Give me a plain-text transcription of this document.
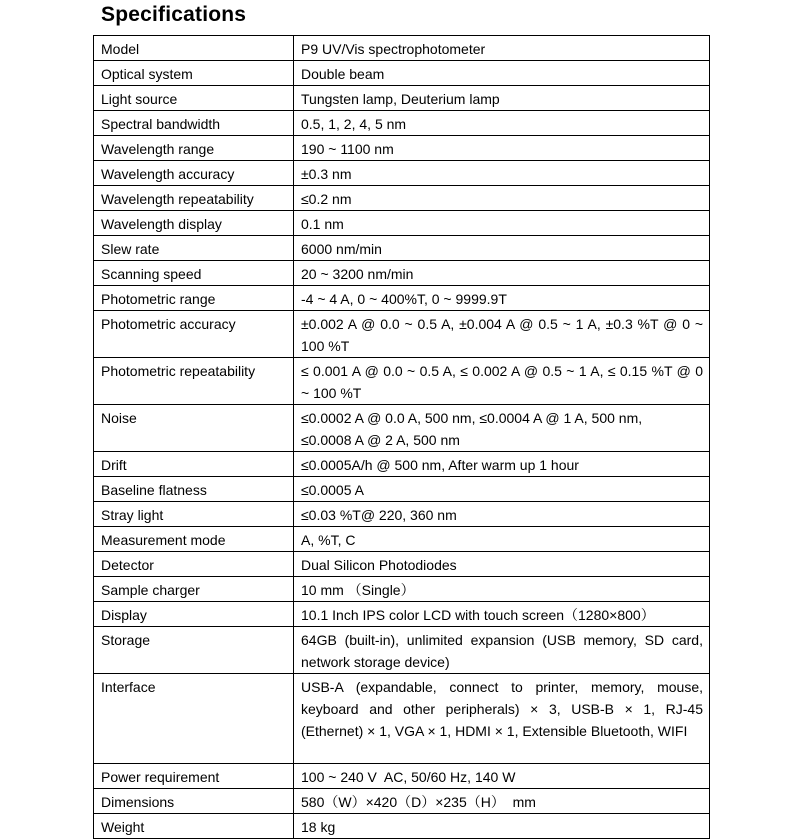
Specifications
Model	P9 UV/Vis spectrophotometer
Optical system	Double beam
Light source	Tungsten lamp, Deuterium lamp
Spectral bandwidth	0.5, 1, 2, 4, 5 nm
Wavelength range	190 ~ 1100 nm
Wavelength accuracy	±0.3 nm
Wavelength repeatability	≤0.2 nm
Wavelength display	0.1 nm
Slew rate	6000 nm/min
Scanning speed	20 ~ 3200 nm/min
Photometric range	-4 ~ 4 A, 0 ~ 400%T, 0 ~ 9999.9T
Photometric accuracy	±0.002 A @ 0.0 ~ 0.5 A, ±0.004 A @ 0.5 ~ 1 A, ±0.3 %T @ 0 ~ 100 %T
Photometric repeatability	≤ 0.001 A @ 0.0 ~ 0.5 A, ≤ 0.002 A @ 0.5 ~ 1 A, ≤ 0.15 %T @ 0 ~ 100 %T
Noise	≤0.0002 A @ 0.0 A, 500 nm, ≤0.0004 A @ 1 A, 500 nm,
≤0.0008 A @ 2 A, 500 nm
Drift	≤0.0005A/h @ 500 nm, After warm up 1 hour
Baseline flatness	≤0.0005 A
Stray light	≤0.03 %T@ 220, 360 nm
Measurement mode	A, %T, C
Detector	Dual Silicon Photodiodes
Sample charger	10 mm （Single）
Display	10.1 Inch IPS color LCD with touch screen（1280×800）
Storage	64GB (built-in), unlimited expansion (USB memory, SD card, network storage device)
Interface	USB-A (expandable, connect to printer, memory, mouse, keyboard and other peripherals) × 3, USB-B × 1, RJ-45 (Ethernet) × 1, VGA × 1, HDMI × 1, Extensible Bluetooth, WIFI
Power requirement	100 ~ 240 V  AC, 50/60 Hz, 140 W
Dimensions	580（W）×420（D）×235（H）  mm
Weight	18 kg
